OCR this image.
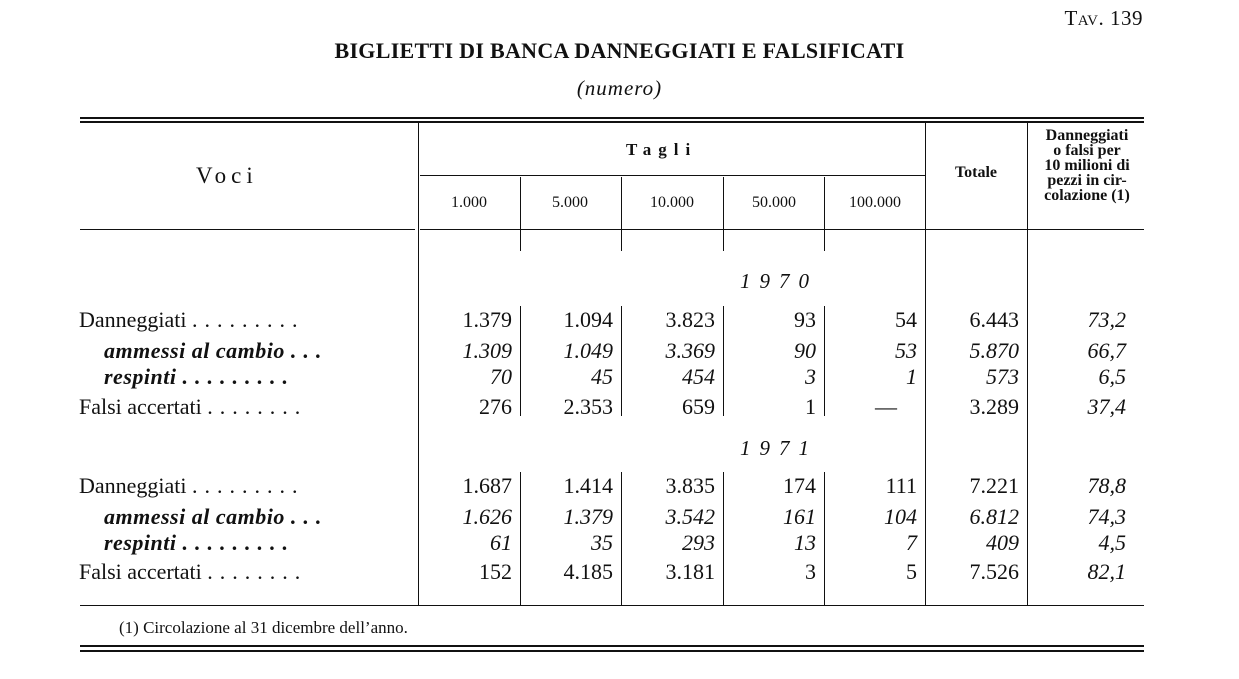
Tav. 139
BIGLIETTI DI BANCA DANNEGGIATI E FALSIFICATI
(numero)
Voci
Tagli
1.000	5.000	10.000	50.000	100.000
Totale
Danneggiati
o falsi per
10 milioni di
pezzi in cir-
colazione (1)
1970
Danneggiati .........	1.379	1.094	3.823	93	54	6.443	73,2
ammessi al cambio ...	1.309	1.049	3.369	90	53	5.870	66,7
respinti .........	70	45	454	3	1	573	6,5
Falsi accertati ........	276	2.353	659	1	—	3.289	37,4
1971
Danneggiati .........	1.687	1.414	3.835	174	111	7.221	78,8
ammessi al cambio ...	1.626	1.379	3.542	161	104	6.812	74,3
respinti .........	61	35	293	13	7	409	4,5
Falsi accertati ........	152	4.185	3.181	3	5	7.526	82,1
(1) Circolazione al 31 dicembre dell’anno.
